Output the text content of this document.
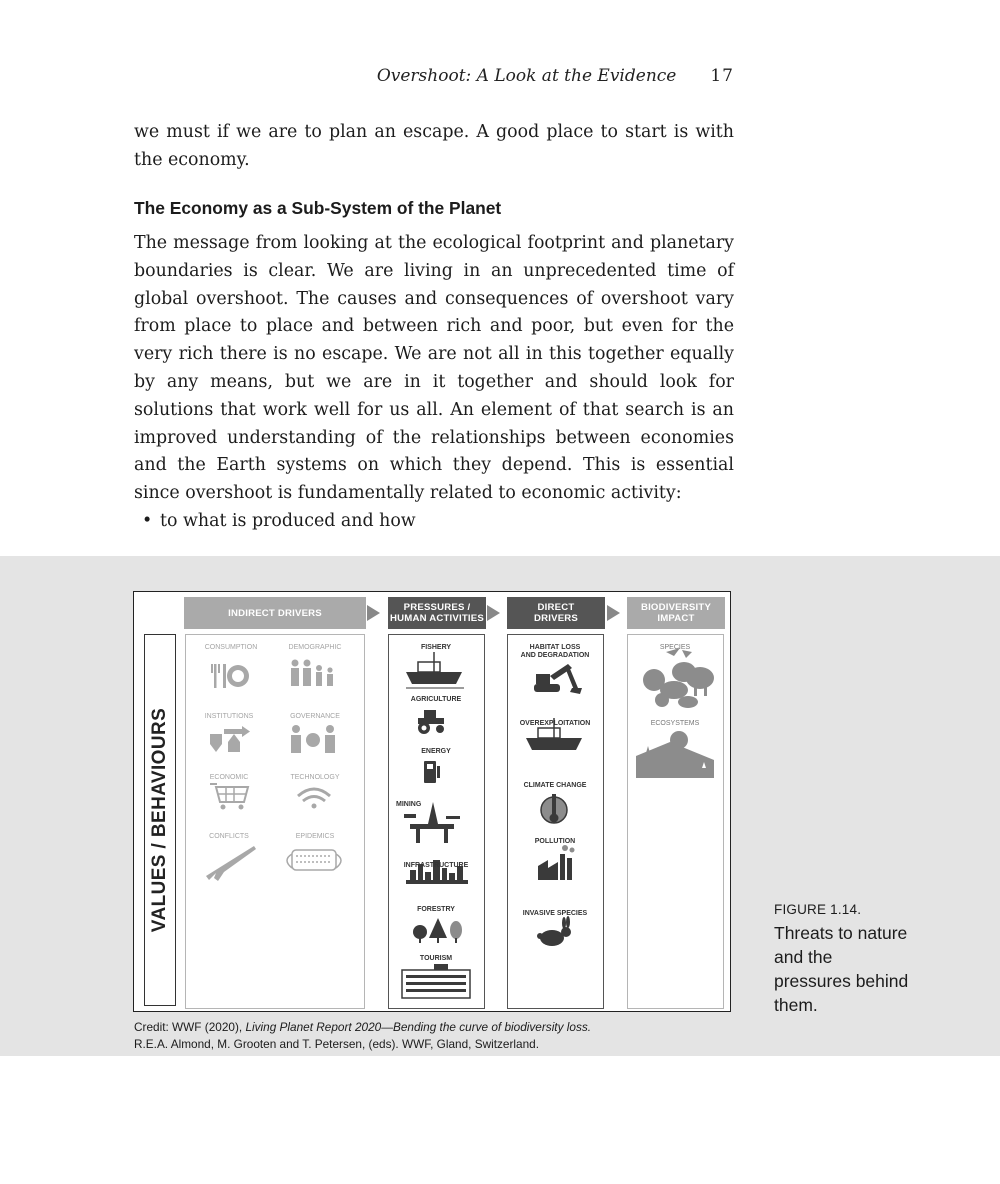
Overshoot: A Look at the Evidence 17
we must if we are to plan an escape. A good place to start is with the economy.
The Economy as a Sub-System of the Planet
The message from looking at the ecological footprint and planetary boundaries is clear. We are living in an unprecedented time of global overshoot. The causes and consequences of overshoot vary from place to place and between rich and poor, but even for the very rich there is no escape. We are not all in this together equally by any means, but we are in it together and should look for solutions that work well for us all. An element of that search is an improved understanding of the relationships between economies and the Earth systems on which they depend. This is essential since overshoot is fundamentally related to economic activity:
• to what is produced and how
INDIRECT DRIVERS	PRESSURES /
HUMAN ACTIVITIES
DIRECT
DRIVERS
BIODIVERSITY
IMPACT
VALUES / BEHAVIOURS
CONSUMPTION	DEMOGRAPHIC
INSTITUTIONS	GOVERNANCE
ECONOMIC	TECHNOLOGY
CONFLICTS	EPIDEMICS
FISHERY
AGRICULTURE
ENERGY
MINING
INFRASTRUCTURE
FORESTRY
TOURISM
HABITAT LOSS
AND DEGRADATION
OVEREXPLOITATION
CLIMATE CHANGE
POLLUTION
INVASIVE SPECIES
SPECIES
ECOSYSTEMS
FIGURE 1.14.
Threats to nature and the pressures behind them.
Credit: WWF (2020), Living Planet Report 2020—Bending the curve of biodiversity loss.
R.E.A. Almond, M. Grooten and T. Petersen, (eds). WWF, Gland, Switzerland.
